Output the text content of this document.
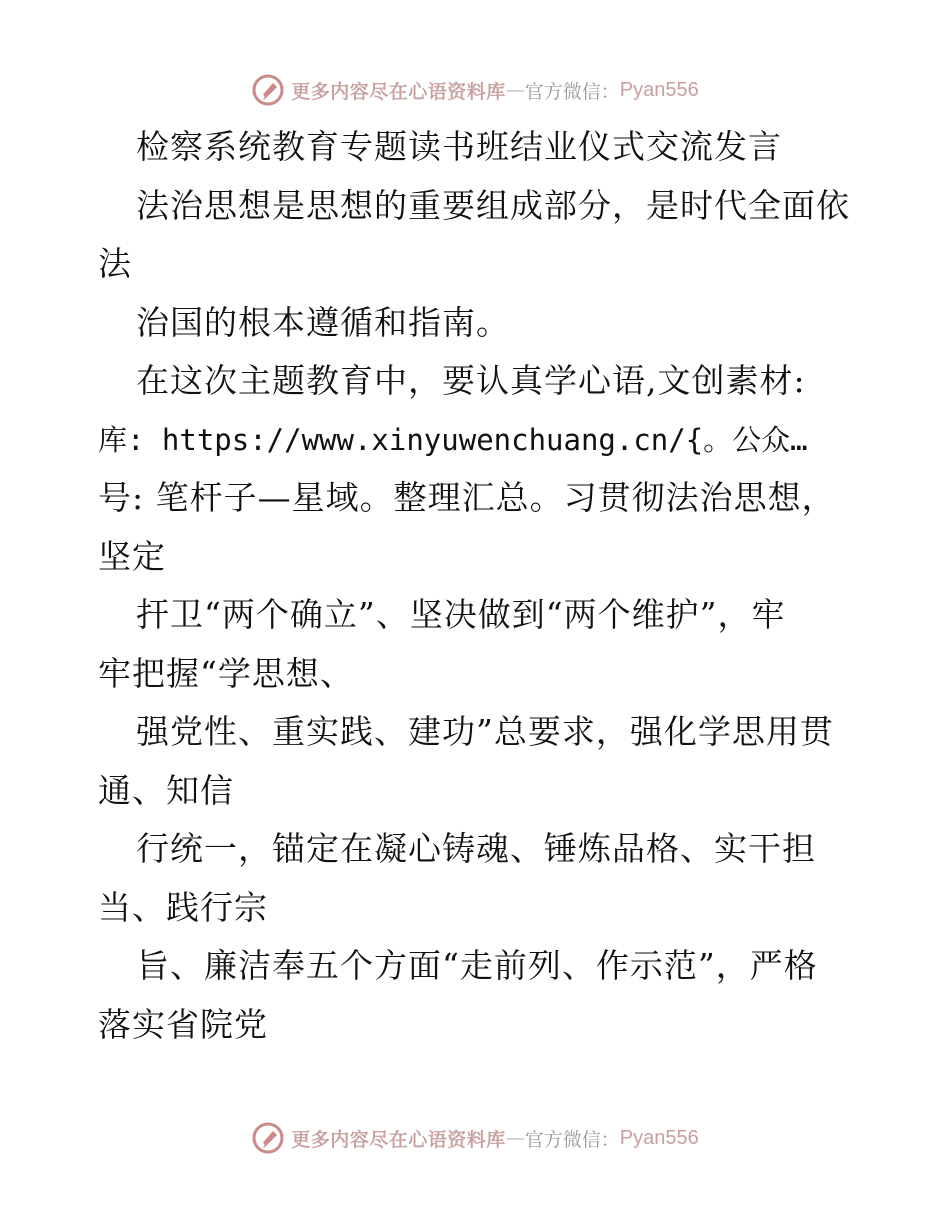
更多内容尽在心语资料库 — 官方微信： Pyan556

检察系统教育专题读书班结业仪式交流发言

法治思想是思想的重要组成部分，是时代全面依

法

治国的根本遵循和指南。

在这次主题教育中，要认真学心语,文创素材:

库: https://www.xinyuwenchuang.cn/{。公众…

号: 笔杆子—星域。整理汇总。习贯彻法治思想，

坚定

扞卫“两个确立”、坚决做到“两个维护”，牢

牢把握“学思想、

强党性、重实践、建功”总要求，强化学思用贯

通、知信

行统一，锚定在凝心铸魂、锤炼品格、实干担

当、践行宗

旨、廉洁奉五个方面“走前列、作示范”，严格

落实省院党

更多内容尽在心语资料库 — 官方微信： Pyan556
